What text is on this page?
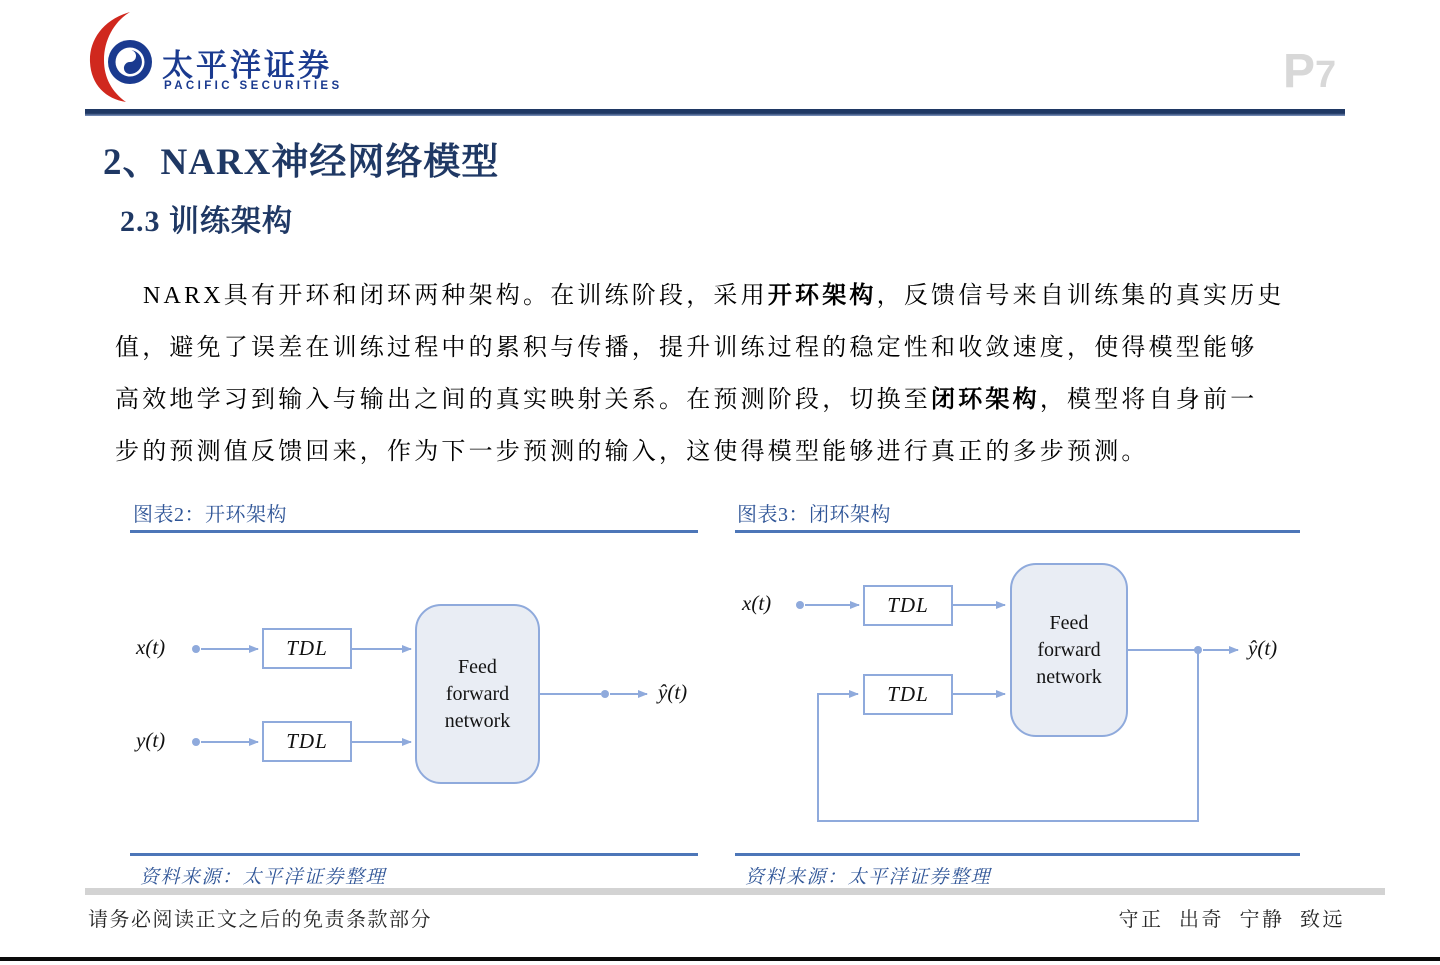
太平洋证券
PACIFIC SECURITIES	P7
2、NARX神经网络模型
2.3 训练架构
NARX具有开环和闭环两种架构。在训练阶段，采用开环架构，反馈信号来自训练集的真实历史
值，避免了误差在训练过程中的累积与传播，提升训练过程的稳定性和收敛速度，使得模型能够
高效地学习到输入与输出之间的真实映射关系。在预测阶段，切换至闭环架构，模型将自身前一
步的预测值反馈回来，作为下一步预测的输入，这使得模型能够进行真正的多步预测。
图表2：开环架构
x(t)
y(t)
TDL
TDL
Feed forward network
ŷ(t)
资料来源：太平洋证券整理
图表3：闭环架构
x(t)	TDL
TDL
Feed forward network
ŷ(t)
资料来源：太平洋证券整理
请务必阅读正文之后的免责条款部分	守正 出奇 宁静 致远
